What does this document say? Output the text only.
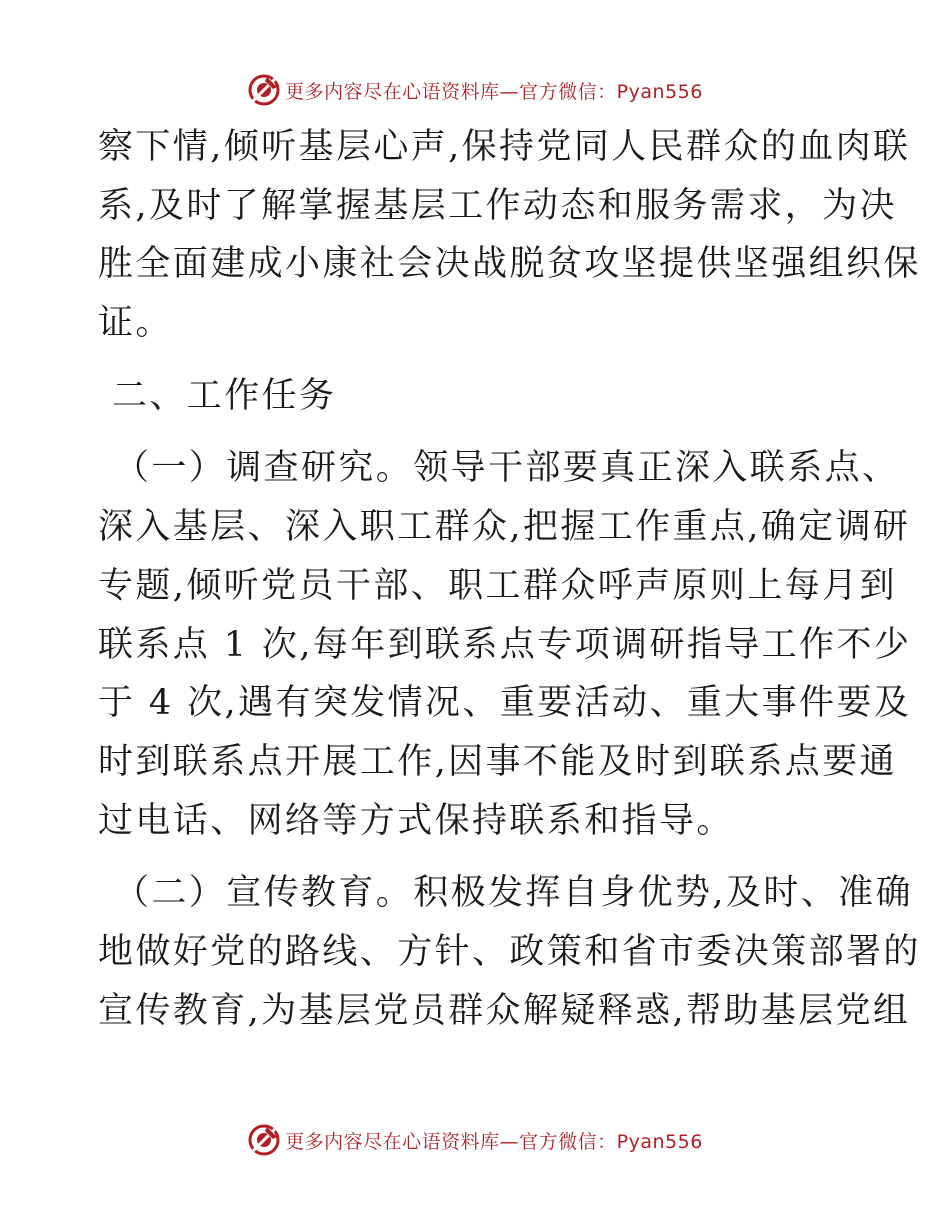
更多内容尽在心语资料库—官方微信：Pyan556
察下情,倾听基层心声,保持党同人民群众的血肉联
系,及时了解掌握基层工作动态和服务需求，为决
胜全面建成小康社会决战脱贫攻坚提供坚强组织保
证。
二、工作任务
（一）调查研究。领导干部要真正深入联系点、
深入基层、深入职工群众,把握工作重点,确定调研
专题,倾听党员干部、职工群众呼声原则上每月到
联系点 1 次,每年到联系点专项调研指导工作不少
于 4 次,遇有突发情况、重要活动、重大事件要及
时到联系点开展工作,因事不能及时到联系点要通
过电话、网络等方式保持联系和指导。
（二）宣传教育。积极发挥自身优势,及时、准确
地做好党的路线、方针、政策和省市委决策部署的
宣传教育,为基层党员群众解疑释惑,帮助基层党组
更多内容尽在心语资料库—官方微信：Pyan556
